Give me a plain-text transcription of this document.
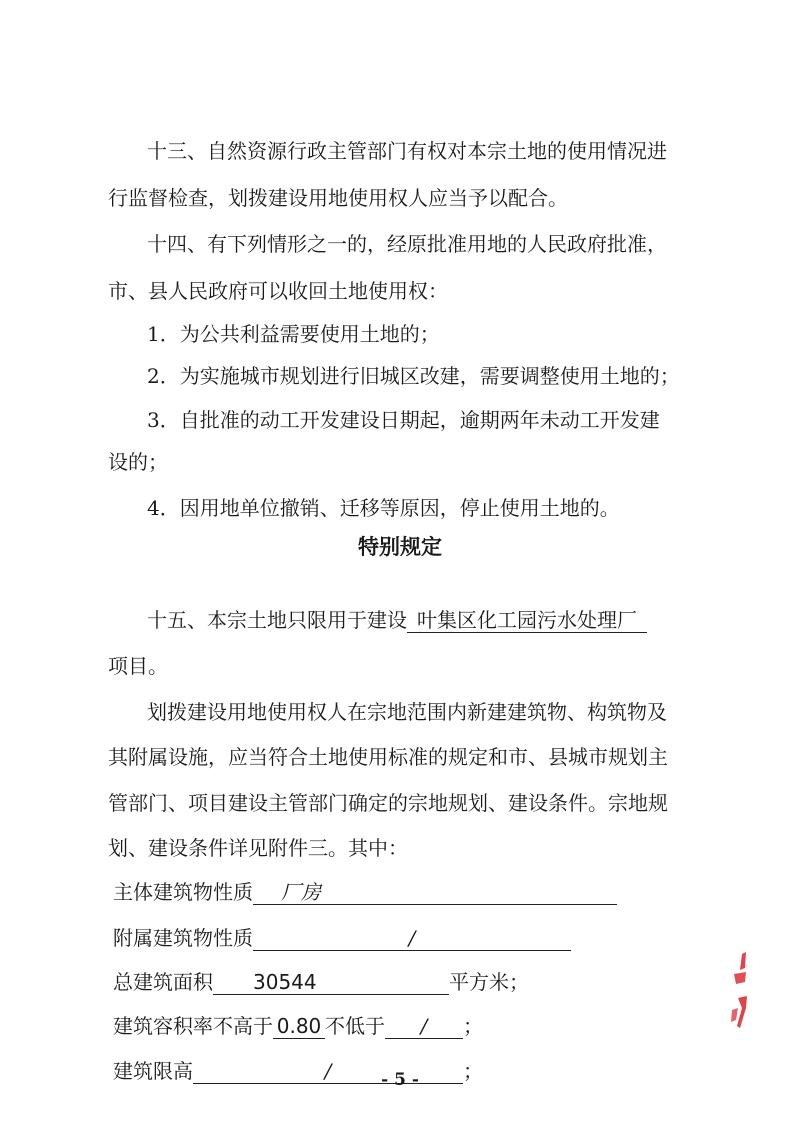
十三、自然资源行政主管部门有权对本宗土地的使用情况进
行监督检查，划拨建设用地使用权人应当予以配合。
十四、有下列情形之一的，经原批准用地的人民政府批准，
市、县人民政府可以收回土地使用权：
1．为公共利益需要使用土地的；
2．为实施城市规划进行旧城区改建，需要调整使用土地的；
3．自批准的动工开发建设日期起，逾期两年未动工开发建
设的；
4．因用地单位撤销、迁移等原因，停止使用土地的。
特别规定
十五、本宗土地只限用于建设 叶集区化工园污水处理厂
项目。
划拨建设用地使用权人在宗地范围内新建建筑物、构筑物及
其附属设施，应当符合土地使用标准的规定和市、县城市规划主
管部门、项目建设主管部门确定的宗地规划、建设条件。宗地规
划、建设条件详见附件三。其中：
主体建筑物性质 厂房
附属建筑物性质	/
总建筑面积 30544	平方米；
建筑容积率不高于 0.80 不低于 / ；
建筑限高	/	；
- 5 -
